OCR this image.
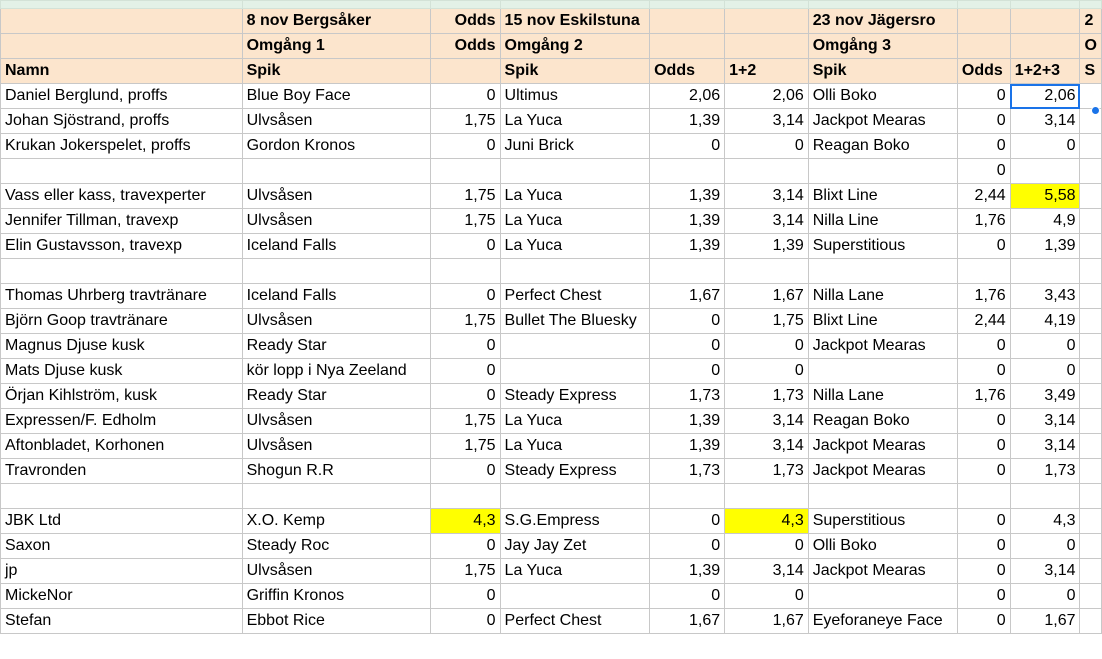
	8 nov Bergsåker	Odds	15 nov Eskilstuna			23 nov Jägersro			2
	Omgång 1	Odds	Omgång 2			Omgång 3			O
Namn	Spik		Spik	Odds	1+2	Spik	Odds	1+2+3	S
Daniel Berglund, proffs	Blue Boy Face	0	Ultimus	2,06	2,06	Olli Boko	0	2,06	
Johan Sjöstrand, proffs	Ulvsåsen	1,75	La Yuca	1,39	3,14	Jackpot Mearas	0	3,14	
Krukan Jokerspelet, proffs	Gordon Kronos	0	Juni Brick	0	0	Reagan Boko	0	0	
							0		
Vass eller kass, travexperter	Ulvsåsen	1,75	La Yuca	1,39	3,14	Blixt Line	2,44	5,58	
Jennifer Tillman, travexp	Ulvsåsen	1,75	La Yuca	1,39	3,14	Nilla Line	1,76	4,9	
Elin Gustavsson, travexp	Iceland Falls	0	La Yuca	1,39	1,39	Superstitious	0	1,39	

Thomas Uhrberg travtränare	Iceland Falls	0	Perfect Chest	1,67	1,67	Nilla Lane	1,76	3,43	
Björn Goop travtränare	Ulvsåsen	1,75	Bullet The Bluesky	0	1,75	Blixt Line	2,44	4,19	
Magnus Djuse kusk	Ready Star	0		0	0	Jackpot Mearas	0	0	
Mats Djuse kusk	kör lopp i Nya Zeeland	0		0	0		0	0	
Örjan Kihlström, kusk	Ready Star	0	Steady Express	1,73	1,73	Nilla Lane	1,76	3,49	
Expressen/F. Edholm	Ulvsåsen	1,75	La Yuca	1,39	3,14	Reagan Boko	0	3,14	
Aftonbladet, Korhonen	Ulvsåsen	1,75	La Yuca	1,39	3,14	Jackpot Mearas	0	3,14	
Travronden	Shogun R.R	0	Steady Express	1,73	1,73	Jackpot Mearas	0	1,73	

JBK Ltd	X.O. Kemp	4,3	S.G.Empress	0	4,3	Superstitious	0	4,3	
Saxon	Steady Roc	0	Jay Jay Zet	0	0	Olli Boko	0	0	
jp	Ulvsåsen	1,75	La Yuca	1,39	3,14	Jackpot Mearas	0	3,14	
MickeNor	Griffin Kronos	0		0	0		0	0	
Stefan	Ebbot Rice	0	Perfect Chest	1,67	1,67	Eyeforaneye Face	0	1,67	
